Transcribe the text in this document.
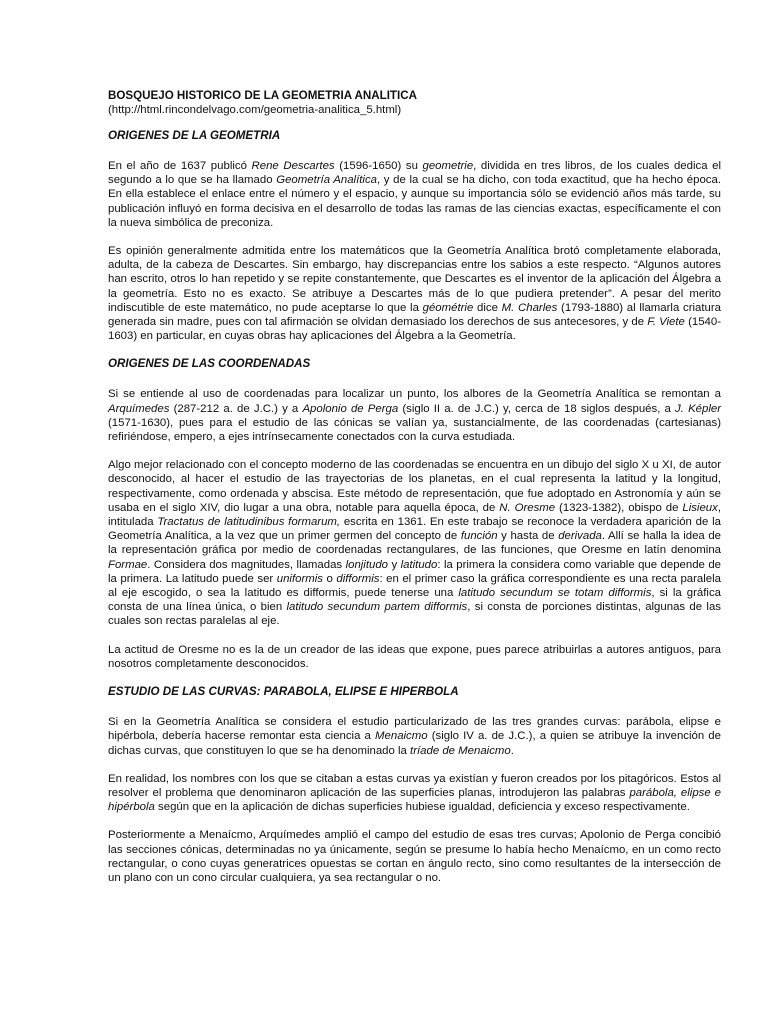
BOSQUEJO HISTORICO DE LA GEOMETRIA ANALITICA
(http://html.rincondelvago.com/geometria-analitica_5.html)
ORIGENES DE LA GEOMETRIA

En el año de 1637 publicó Rene Descartes (1596-1650) su geometrie, dividida en tres libros, de los cuales dedica el segundo a lo que se ha llamado Geometría Analítica, y de la cual se ha dicho, con toda exactitud, que ha hecho época. En ella establece el enlace entre el número y el espacio, y aunque su importancia sólo se evidenció años más tarde, su publicación influyó en forma decisiva en el desarrollo de todas las ramas de las ciencias exactas, específicamente el con la nueva simbólica de preconiza.

Es opinión generalmente admitida entre los matemáticos que la Geometría Analítica brotó completamente elaborada, adulta, de la cabeza de Descartes. Sin embargo, hay discrepancias entre los sabios a este respecto. “Algunos autores han escrito, otros lo han repetido y se repite constantemente, que Descartes es el inventor de la aplicación del Álgebra a la geometría. Esto no es exacto. Se atribuye a Descartes más de lo que pudiera pretender”. A pesar del merito indiscutible de este matemático, no pude aceptarse lo que la géométrie dice M. Charles (1793-1880) al llamarla criatura generada sin madre, pues con tal afirmación se olvidan demasiado los derechos de sus antecesores, y de F. Viete (1540-1603) en particular, en cuyas obras hay aplicaciones del Álgebra a la Geometría.

ORIGENES DE LAS COORDENADAS

Si se entiende al uso de coordenadas para localizar un punto, los albores de la Geometría Analítica se remontan a Arquímedes (287-212 a. de J.C.) y a Apolonio de Perga (siglo II a. de J.C.) y, cerca de 18 siglos después, a J. Képler (1571-1630), pues para el estudio de las cónicas se valían ya, sustancialmente, de las coordenadas (cartesianas) refiriéndose, empero, a ejes intrínsecamente conectados con la curva estudiada.

Algo mejor relacionado con el concepto moderno de las coordenadas se encuentra en un dibujo del siglo X u XI, de autor desconocido, al hacer el estudio de las trayectorias de los planetas, en el cual representa la latitud y la longitud, respectivamente, como ordenada y abscisa. Este método de representación, que fue adoptado en Astronomía y aún se usaba en el siglo XIV, dio lugar a una obra, notable para aquella época, de N. Oresme (1323-1382), obispo de Lisieux, intitulada Tractatus de latitudinibus formarum, escrita en 1361. En este trabajo se reconoce la verdadera aparición de la Geometría Analítica, a la vez que un primer germen del concepto de función y hasta de derivada. Allí se halla la idea de la representación gráfica por medio de coordenadas rectangulares, de las funciones, que Oresme en latín denomina Formae. Considera dos magnitudes, llamadas lonjitudo y latitudo: la primera la considera como variable que depende de la primera. La latitudo puede ser uniformis o difformis: en el primer caso la gráfica correspondiente es una recta paralela al eje escogido, o sea la latitudo es difformis, puede tenerse una latitudo secundum se totam difformis, si la gráfica consta de una línea única, o bien latitudo secundum partem difformis, si consta de porciones distintas, algunas de las cuales son rectas paralelas al eje.

La actitud de Oresme no es la de un creador de las ideas que expone, pues parece atribuirlas a autores antiguos, para nosotros completamente desconocidos.

ESTUDIO DE LAS CURVAS: PARABOLA, ELIPSE E HIPERBOLA

Si en la Geometría Analítica se considera el estudio particularizado de las tres grandes curvas: parábola, elipse e hipérbola, debería hacerse remontar esta ciencia a Menaicmo (siglo IV a. de J.C.), a quien se atribuye la invención de dichas curvas, que constituyen lo que se ha denominado la tríade de Menaicmo.

En realidad, los nombres con los que se citaban a estas curvas ya existían y fueron creados por los pitagóricos. Estos al resolver el problema que denominaron aplicación de las superficies planas, introdujeron las palabras parábola, elipse e hipérbola según que en la aplicación de dichas superficies hubiese igualdad, deficiencia y exceso respectivamente.

Posteriormente a Menaícmo, Arquímedes amplió el campo del estudio de esas tres curvas; Apolonio de Perga concibió las secciones cónicas, determinadas no ya únicamente, según se presume lo había hecho Menaícmo, en un como recto rectangular, o cono cuyas generatrices opuestas se cortan en ángulo recto, sino como resultantes de la intersección de un plano con un cono circular cualquiera, ya sea rectangular o no.
